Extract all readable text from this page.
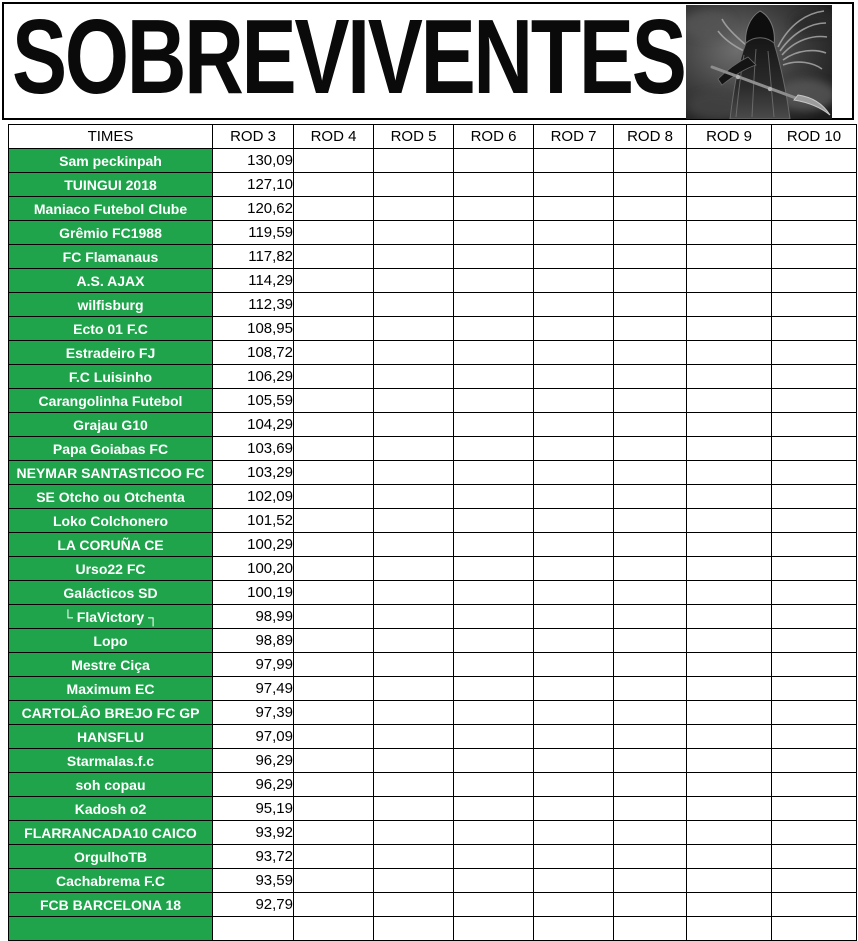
SOBREVIVENTES
TIMES	ROD 3	ROD 4	ROD 5	ROD 6	ROD 7	ROD 8	ROD 9	ROD 10
Sam peckinpah	130,09							
TUINGUI 2018	127,10							
Maniaco Futebol Clube	120,62							
Grêmio FC1988	119,59							
FC Flamanaus	117,82							
A.S. AJAX	114,29							
wilfisburg	112,39							
Ecto 01 F.C	108,95							
Estradeiro FJ	108,72							
F.C Luisinho	106,29							
Carangolinha Futebol	105,59							
Grajau G10	104,29							
Papa Goiabas FC	103,69							
NEYMAR SANTASTICOO FC	103,29							
SE Otcho ou Otchenta	102,09							
Loko Colchonero	101,52							
LA CORUÑA CE	100,29							
Urso22 FC	100,20							
Galácticos SD	100,19							
└ FlaVictory ┐	98,99							
Lopo	98,89							
Mestre Ciça	97,99							
Maximum EC	97,49							
CARTOLÂO BREJO FC GP	97,39							
HANSFLU	97,09							
Starmalas.f.c	96,29							
soh copau	96,29							
Kadosh o2	95,19							
FLARRANCADA10 CAICO	93,92							
OrgulhoTB	93,72							
Cachabrema F.C	93,59							
FCB BARCELONA 18	92,79							
